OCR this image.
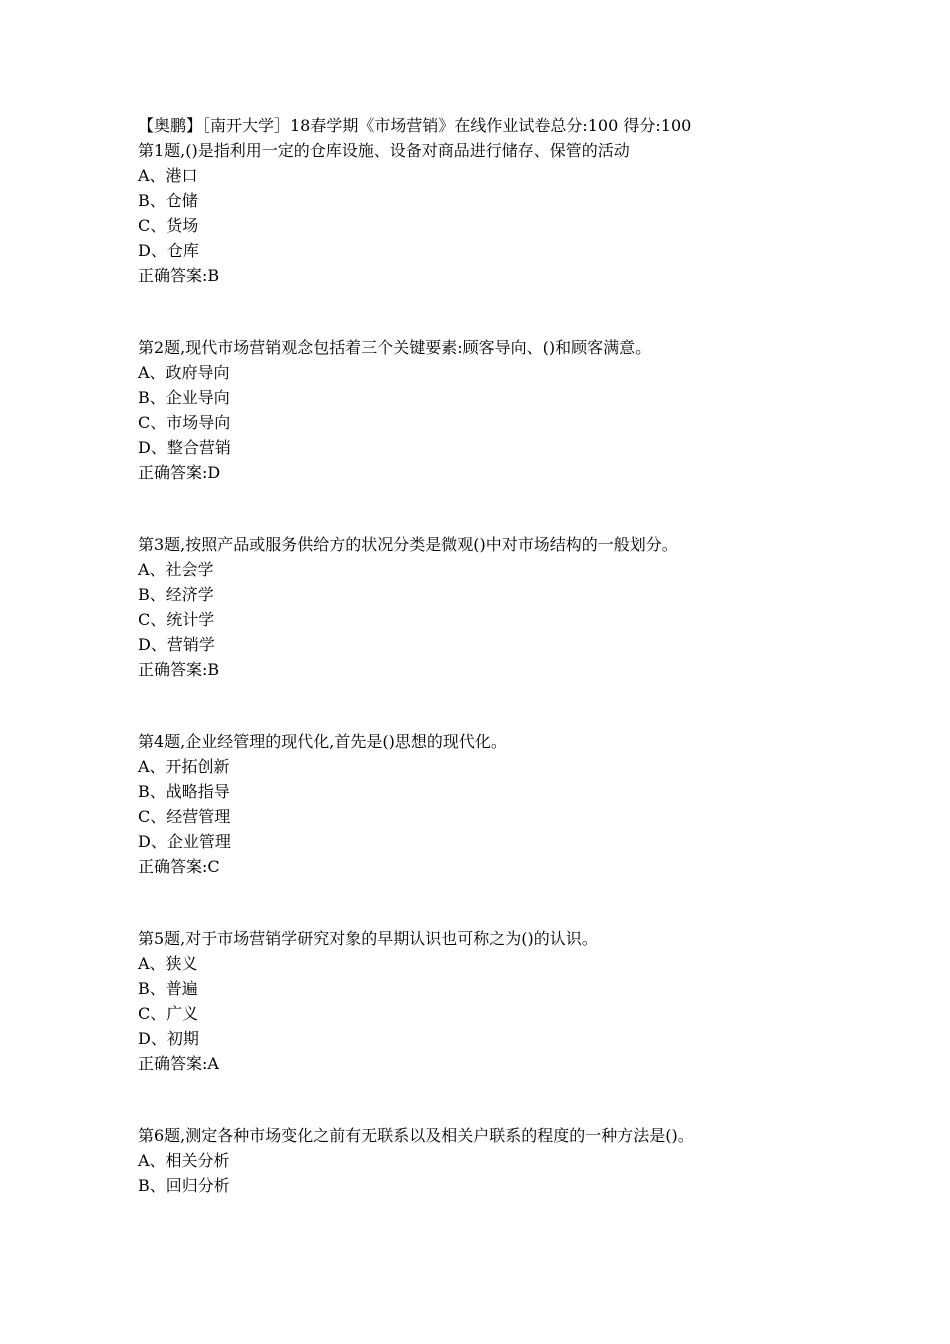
【奥鹏】［南开大学］18春学期《市场营销》在线作业试卷总分:100 得分:100
第1题,()是指利用一定的仓库设施、设备对商品进行储存、保管的活动
A、港口
B、仓储
C、货场
D、仓库
正确答案:B
第2题,现代市场营销观念包括着三个关键要素:顾客导向、()和顾客满意。
A、政府导向
B、企业导向
C、市场导向
D、整合营销
正确答案:D
第3题,按照产品或服务供给方的状况分类是微观()中对市场结构的一般划分。
A、社会学
B、经济学
C、统计学
D、营销学
正确答案:B
第4题,企业经管理的现代化,首先是()思想的现代化。
A、开拓创新
B、战略指导
C、经营管理
D、企业管理
正确答案:C
第5题,对于市场营销学研究对象的早期认识也可称之为()的认识。
A、狭义
B、普遍
C、广义
D、初期
正确答案:A
第6题,测定各种市场变化之前有无联系以及相关户联系的程度的一种方法是()。
A、相关分析
B、回归分析
